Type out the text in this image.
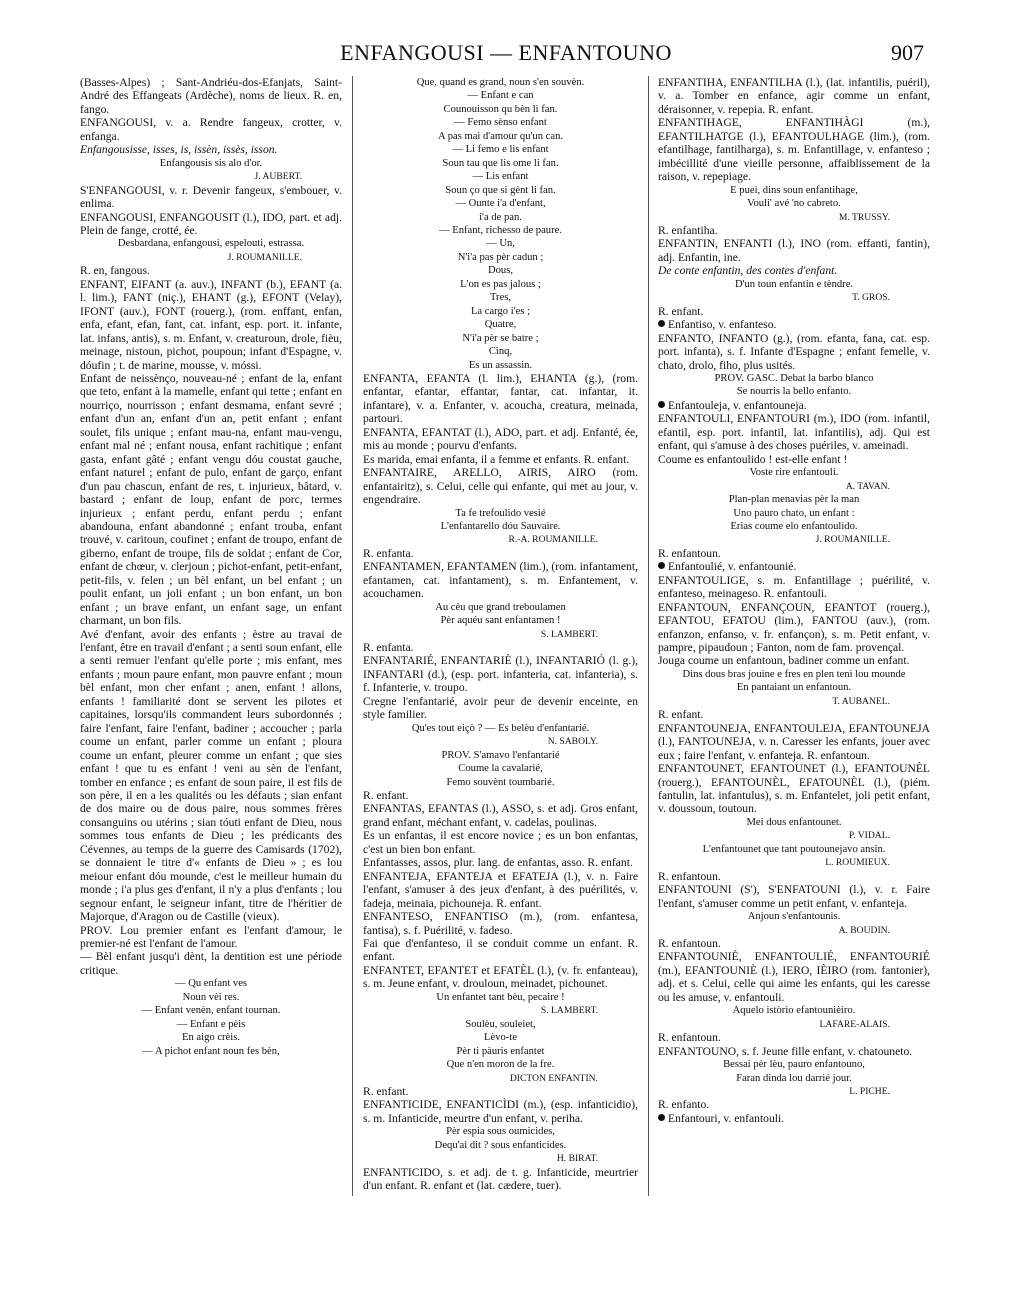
ENFANGOUSI — ENFANTOUNO	907
(Basses-Alpes) ; Sant-Andriéu-dos-Efanjats, Saint-André des Effangeats (Ardèche), noms de lieux. R. en, fango.
ENFANGOUSI, v. a. Rendre fangeux, crotter, v. enfanga.
Enfangousisse, isses, is, issèn, issès, isson.
Enfangousis sis alo d'or.
J. AUBERT.
S'ENFANGOUSI, v. r. Devenir fangeux, s'embouer, v. enlima.
ENFANGOUSI, ENFANGOUSIT (l.), IDO, part. et adj. Plein de fange, crotté, ée.
Desbardana, enfangousi, espelouti, estrassa.
J. ROUMANILLE.
R. en, fangous.
ENFANT, EIFANT (a. auv.), INFANT (b.), EFANT (a. l. lim.), FANT (niç.), EHANT (g.), EFONT (Velay), IFONT (auv.), FONT (rouerg.), (rom. enffant, enfan, enfa, efant, efan, fant, cat. infant, esp. port. it. infante, lat. infans, antis), s. m. Enfant, v. creaturoun, drole, fièu, meinage, nistoun, pichot, poupoun; infant d'Espagne, v. dóufin ; t. de marine, mousse, v. móssi.
Enfant de neissènço, nouveau-né ; enfant de la, enfant que teto, enfant à la mamelle, enfant qui tette ; enfant en nourriço, nourrisson ; enfant desmama, enfant sevré ; enfant d'un an, enfant d'un an, petit enfant ; enfant soulet, fils unique ; enfant mau-na, enfant mau-vengu, enfant mal né ; enfant nousa, enfant rachitique ; enfant gasta, enfant gâté ; enfant vengu dóu coustat gauche, enfant naturel ; enfant de pulo, enfant de garço, enfant d'un pau chascun, enfant de res, t. injurieux, bâtard, v. bastard ; enfant de loup, enfant de porc, termes injurieux ; enfant perdu, enfant perdu ; enfant abandouna, enfant abandonné ; enfant trouba, enfant trouvé, v. caritoun, coufinet ; enfant de troupo, enfant de giberno, enfant de troupe, fils de soldat ; enfant de Cor, enfant de chœur, v. clerjoun ; pichot-enfant, petit-enfant, petit-fils, v. felen ; un bèl enfant, un bel enfant ; un poulit enfant, un joli enfant ; un bon enfant, un bon enfant ; un brave enfant, un enfant sage, un enfant charmant, un bon fils.
Avé d'enfant, avoir des enfants ; èstre au travai de l'enfant, être en travail d'enfant ; a senti soun enfant, elle a senti remuer l'enfant qu'elle porte ; mis enfant, mes enfants ; moun paure enfant, mon pauvre enfant ; moun bèl enfant, mon cher enfant ; anen, enfant ! allons, enfants ! familiarité dont se servent les pilotes et capitaines, lorsqu'ils commandent leurs subordonnés ; faire l'enfant, faire l'enfant, badiner ; accoucher ; parla coume un enfant, parler comme un enfant ; ploura coume un enfant, pleurer comme un enfant ; que sies enfant ! que tu es enfant ! veni au sèn de l'enfant, tomber en enfance ; es enfant de soun paire, il est fils de son père, il en a les qualités ou les défauts ; sian enfant de dos maire ou de dous paire, nous sommes frères consanguins ou utérins ; sian tóuti enfant de Dieu, nous sommes tous enfants de Dieu ; les prédicants des Cévennes, au temps de la guerre des Camisards (1702), se donnaient le titre d'« enfants de Dieu » ; es lou meiour enfant dóu mounde, c'est le meilleur humain du monde ; i'a plus ges d'enfant, il n'y a plus d'enfants ; lou segnour enfant, le seigneur infant, titre de l'héritier de Majorque, d'Aragon ou de Castille (vieux).
PROV. Lou premier enfant es l'enfant d'amour, le premier-né est l'enfant de l'amour.
— Bèl enfant jusqu'i dènt, la dentition est une période critique.
— Qu enfant ves
Noun vèi res.
— Enfant venèn, enfant tournan.
— Enfant e pèis
En aigo crèis.
— A pichot enfant noun fes bèn,
Que, quand es grand, noun s'en souvèn.
— Enfant e can
Counouisson qu bèn li fan.
— Femo sènso enfant
A pas mai d'amour qu'un can.
— Li femo e lis enfant
Soun tau que lis ome li fan.
— Lis enfant
Soun ço que si gènt li fan.
— Ounte i'a d'enfant,
i'a de pan.
— Enfant, richesso de paure.
— Un,
N'i'a pas pèr cadun ;
Dous,
L'on es pas jalous ;
Tres,
La cargo i'es ;
Quatre,
N'i'a pèr se batre ;
Cinq,
Es un assassin.
ENFANTA, EFANTA (l. lim.), EHANTA (g.), (rom. enfantar, efantar, effantar, fantar, cat. infantar, it. infantare), v. a. Enfanter, v. acoucha, creatura, meinada, partouri.
ENFANTA, EFANTAT (l.), ADO, part. et adj. Enfanté, ée, mis au monde ; pourvu d'enfants.
Es marida, emai enfanta, il a femme et enfants. R. enfant.
ENFANTAIRE, ARELLO, AIRIS, AIRO (rom. enfantairitz), s. Celui, celle qui enfante, qui met au jour, v. engendraire.
Ta fe trefoulido vesié
L'enfantarello dóu Sauvaire.
R.-A. ROUMANILLE.
R. enfanta.
ENFANTAMEN, EFANTAMEN (lim.), (rom. infantament, efantamen, cat. infantament), s. m. Enfantement, v. acouchamen.
Au cèu que grand treboulamen
Pèr aquéu sant enfantamen !
S. LAMBERT.
R. enfanta.
ENFANTARIÉ, ENFANTARIÈ (l.), INFANTARIÓ (l. g.), INFANTARI (d.), (esp. port. infanteria, cat. infanteria), s. f. Infanterie, v. troupo.
Cregne l'enfantarié, avoir peur de devenir enceinte, en style familier.
Qu'es tout eiçò ? — Es belèu d'enfantarié.
N. SABOLY.
PROV. S'amavo l'enfantarié
Coume la cavalarié,
Femo souvènt toumbarié.
R. enfant.
ENFANTAS, EFANTAS (l.), ASSO, s. et adj. Gros enfant, grand enfant, méchant enfant, v. cadelas, poulinas.
Es un enfantas, il est encore novice ; es un bon enfantas, c'est un bien bon enfant.
Enfantasses, assos, plur. lang. de enfantas, asso. R. enfant.
ENFANTEJA, EFANTEJA et EFATEJA (l.), v. n. Faire l'enfant, s'amuser à des jeux d'enfant, à des puérilités, v. fadeja, meinaia, pichouneja. R. enfant.
ENFANTESO, ENFANTISO (m.), (rom. enfantesa, fantisa), s. f. Puérilité, v. fadeso.
Fai que d'enfanteso, il se conduit comme un enfant. R. enfant.
ENFANTET, EFANTET et EFATÈL (l.), (v. fr. enfanteau), s. m. Jeune enfant, v. drouloun, meinadet, pichounet.
Un enfantet tant bèu, pecaire !
S. LAMBERT.
Soulèu, souleiet,
Lèvo-te
Pèr ti pàuris enfantet
Que n'en moron de la fre.
DICTON ENFANTIN.
R. enfant.
ENFANTICIDE, ENFANTICÌDI (m.), (esp. infanticidio), s. m. Infanticide, meurtre d'un enfant, v. periha.
Pèr espia sous oumicides,
Dequ'ai dit ? sous enfanticides.
H. BIRAT.
ENFANTICIDO, s. et adj. de t. g. Infanticide, meurtrier d'un enfant. R. enfant et (lat. cædere, tuer).
ENFANTIHA, ENFANTILHA (l.), (lat. infantilis, puéril), v. a. Tomber en enfance, agir comme un enfant, déraisonner, v. repepia. R. enfant.
ENFANTIHAGE, ENFANTIHÀGI (m.), EFANTILHATGE (l.), EFANTOULHAGE (lim.), (rom. efantilhage, fantilharga), s. m. Enfantillage, v. enfanteso ; imbécillité d'une vieille personne, affaiblissement de la raison, v. repepiage.
E puei, dins soun enfantihage,
Vouli' avé 'no cabreto.
M. TRUSSY.
R. enfantiha.
ENFANTIN, ENFANTI (l.), INO (rom. effanti, fantin), adj. Enfantin, ine.
De conte enfantin, des contes d'enfant.
D'un toun enfantin e tèndre.
T. GROS.
R. enfant.
Enfantiso, v. enfanteso.
ENFANTO, INFANTO (g.), (rom. efanta, fana, cat. esp. port. infanta), s. f. Infante d'Espagne ; enfant femelle, v. chato, drolo, fiho, plus usités.
PROV. GASC. Debat la barbo blanco
Se nourris la bello enfanto.
Enfantouleja, v. enfantouneja.
ENFANTOULI, ENFANTOURI (m.), IDO (rom. infantil, efantil, esp. port. infantil, lat. infantilis), adj. Qui est enfant, qui s'amuse à des choses puériles, v. ameinadi.
Coume es enfantoulido ! est-elle enfant !
Voste rire enfantouli.
A. TAVAN.
Plan-plan menavias pèr la man
Uno pauro chato, un enfant :
Erias coume elo enfantoulido.
J. ROUMANILLE.
R. enfantoun.
Enfantoulié, v. enfantounié.
ENFANTOULIGE, s. m. Enfantillage ; puérilité, v. enfanteso, meinageso. R. enfantouli.
ENFANTOUN, ENFANÇOUN, EFANTOT (rouerg.), EFANTOU, EFATOU (lim.), FANTOU (auv.), (rom. enfanzon, enfanso, v. fr. enfançon), s. m. Petit enfant, v. pampre, pipaudoun ; Fanton, nom de fam. provençal.
Jouga coume un enfantoun, badiner comme un enfant.
Dins dous bras jouine e fres en plen tenì lou mounde
En pantaiant un enfantoun.
T. AUBANEL.
R. enfant.
ENFANTOUNEJA, ENFANTOULEJA, EFANTOUNEJA (l.), FANTOUNEJA, v. n. Caresser les enfants, jouer avec eux ; faire l'enfant, v. enfanteja. R. enfantoun.
ENFANTOUNET, EFANTOUNET (l.), EFANTOUNÈL (rouerg.), EFANTOUNÈL, EFATOUNÈL (l.), (piém. fantulin, lat. infantulus), s. m. Enfantelet, joli petit enfant, v. doussoun, toutoun.
Mei dous enfantounet.
P. VIDAL.
L'enfantounet que tant poutounejavo ansin.
L. ROUMIEUX.
R. enfantoun.
ENFANTOUNI (S'), S'ENFATOUNI (l.), v. r. Faire l'enfant, s'amuser comme un petit enfant, v. enfanteja.
Anjoun s'enfantounis.
A. BOUDIN.
R. enfantoun.
ENFANTOUNIÉ, ENFANTOULIÉ, ENFANTOURIÉ (m.), EFANTOUNIÈ (l.), IERO, IÈIRO (rom. fantonier), adj. et s. Celui, celle qui aime les enfants, qui les caresse ou les amuse, v. enfantouli.
Aquelo istòrio efantounièiro.
LAFARE-ALAIS.
R. enfantoun.
ENFANTOUNO, s. f. Jeune fille enfant, v. chatouneto.
Bessai pèr lèu, pauro enfantouno,
Faran dinda lou darrié jour.
L. PICHE.
R. enfanto.
Enfantouri, v. enfantouli.
